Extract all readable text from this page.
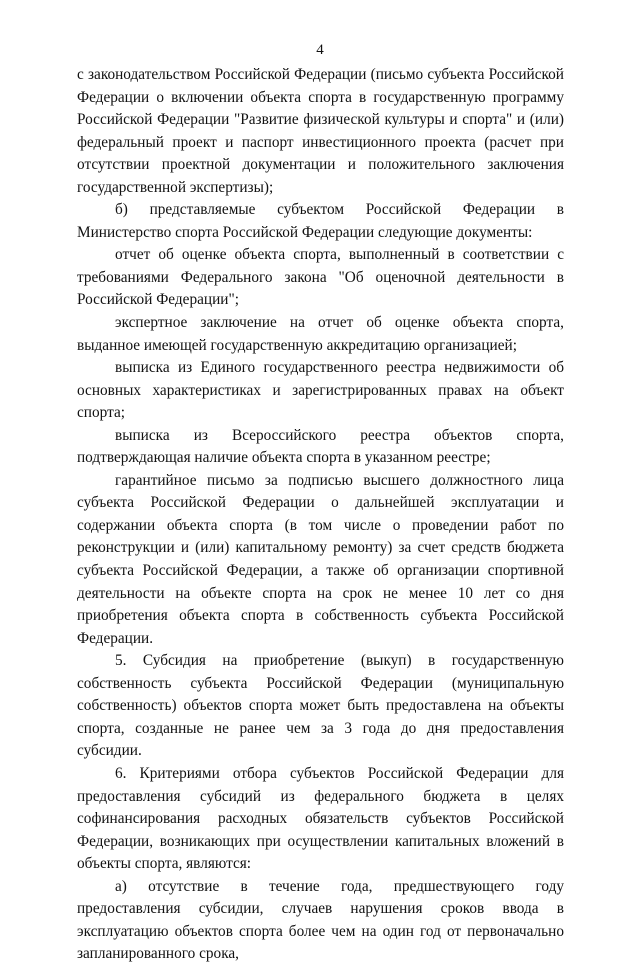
4

с законодательством Российской Федерации (письмо субъекта Российской Федерации о включении объекта спорта в государственную программу Российской Федерации "Развитие физической культуры и спорта" и (или) федеральный проект и паспорт инвестиционного проекта (расчет при отсутствии проектной документации и положительного заключения государственной экспертизы);

б) представляемые субъектом Российской Федерации в Министерство спорта Российской Федерации следующие документы:

отчет об оценке объекта спорта, выполненный в соответствии с требованиями Федерального закона "Об оценочной деятельности в Российской Федерации";

экспертное заключение на отчет об оценке объекта спорта, выданное имеющей государственную аккредитацию организацией;

выписка из Единого государственного реестра недвижимости об основных характеристиках и зарегистрированных правах на объект спорта;

выписка из Всероссийского реестра объектов спорта, подтверждающая наличие объекта спорта в указанном реестре;

гарантийное письмо за подписью высшего должностного лица субъекта Российской Федерации о дальнейшей эксплуатации и содержании объекта спорта (в том числе о проведении работ по реконструкции и (или) капитальному ремонту) за счет средств бюджета субъекта Российской Федерации, а также об организации спортивной деятельности на объекте спорта на срок не менее 10 лет со дня приобретения объекта спорта в собственность субъекта Российской Федерации.

5. Субсидия на приобретение (выкуп) в государственную собственность субъекта Российской Федерации (муниципальную собственность) объектов спорта может быть предоставлена на объекты спорта, созданные не ранее чем за 3 года до дня предоставления субсидии.

6. Критериями отбора субъектов Российской Федерации для предоставления субсидий из федерального бюджета в целях софинансирования расходных обязательств субъектов Российской Федерации, возникающих при осуществлении капитальных вложений в объекты спорта, являются:

а) отсутствие в течение года, предшествующего году предоставления субсидии, случаев нарушения сроков ввода в эксплуатацию объектов спорта более чем на один год от первоначально запланированного срока,
